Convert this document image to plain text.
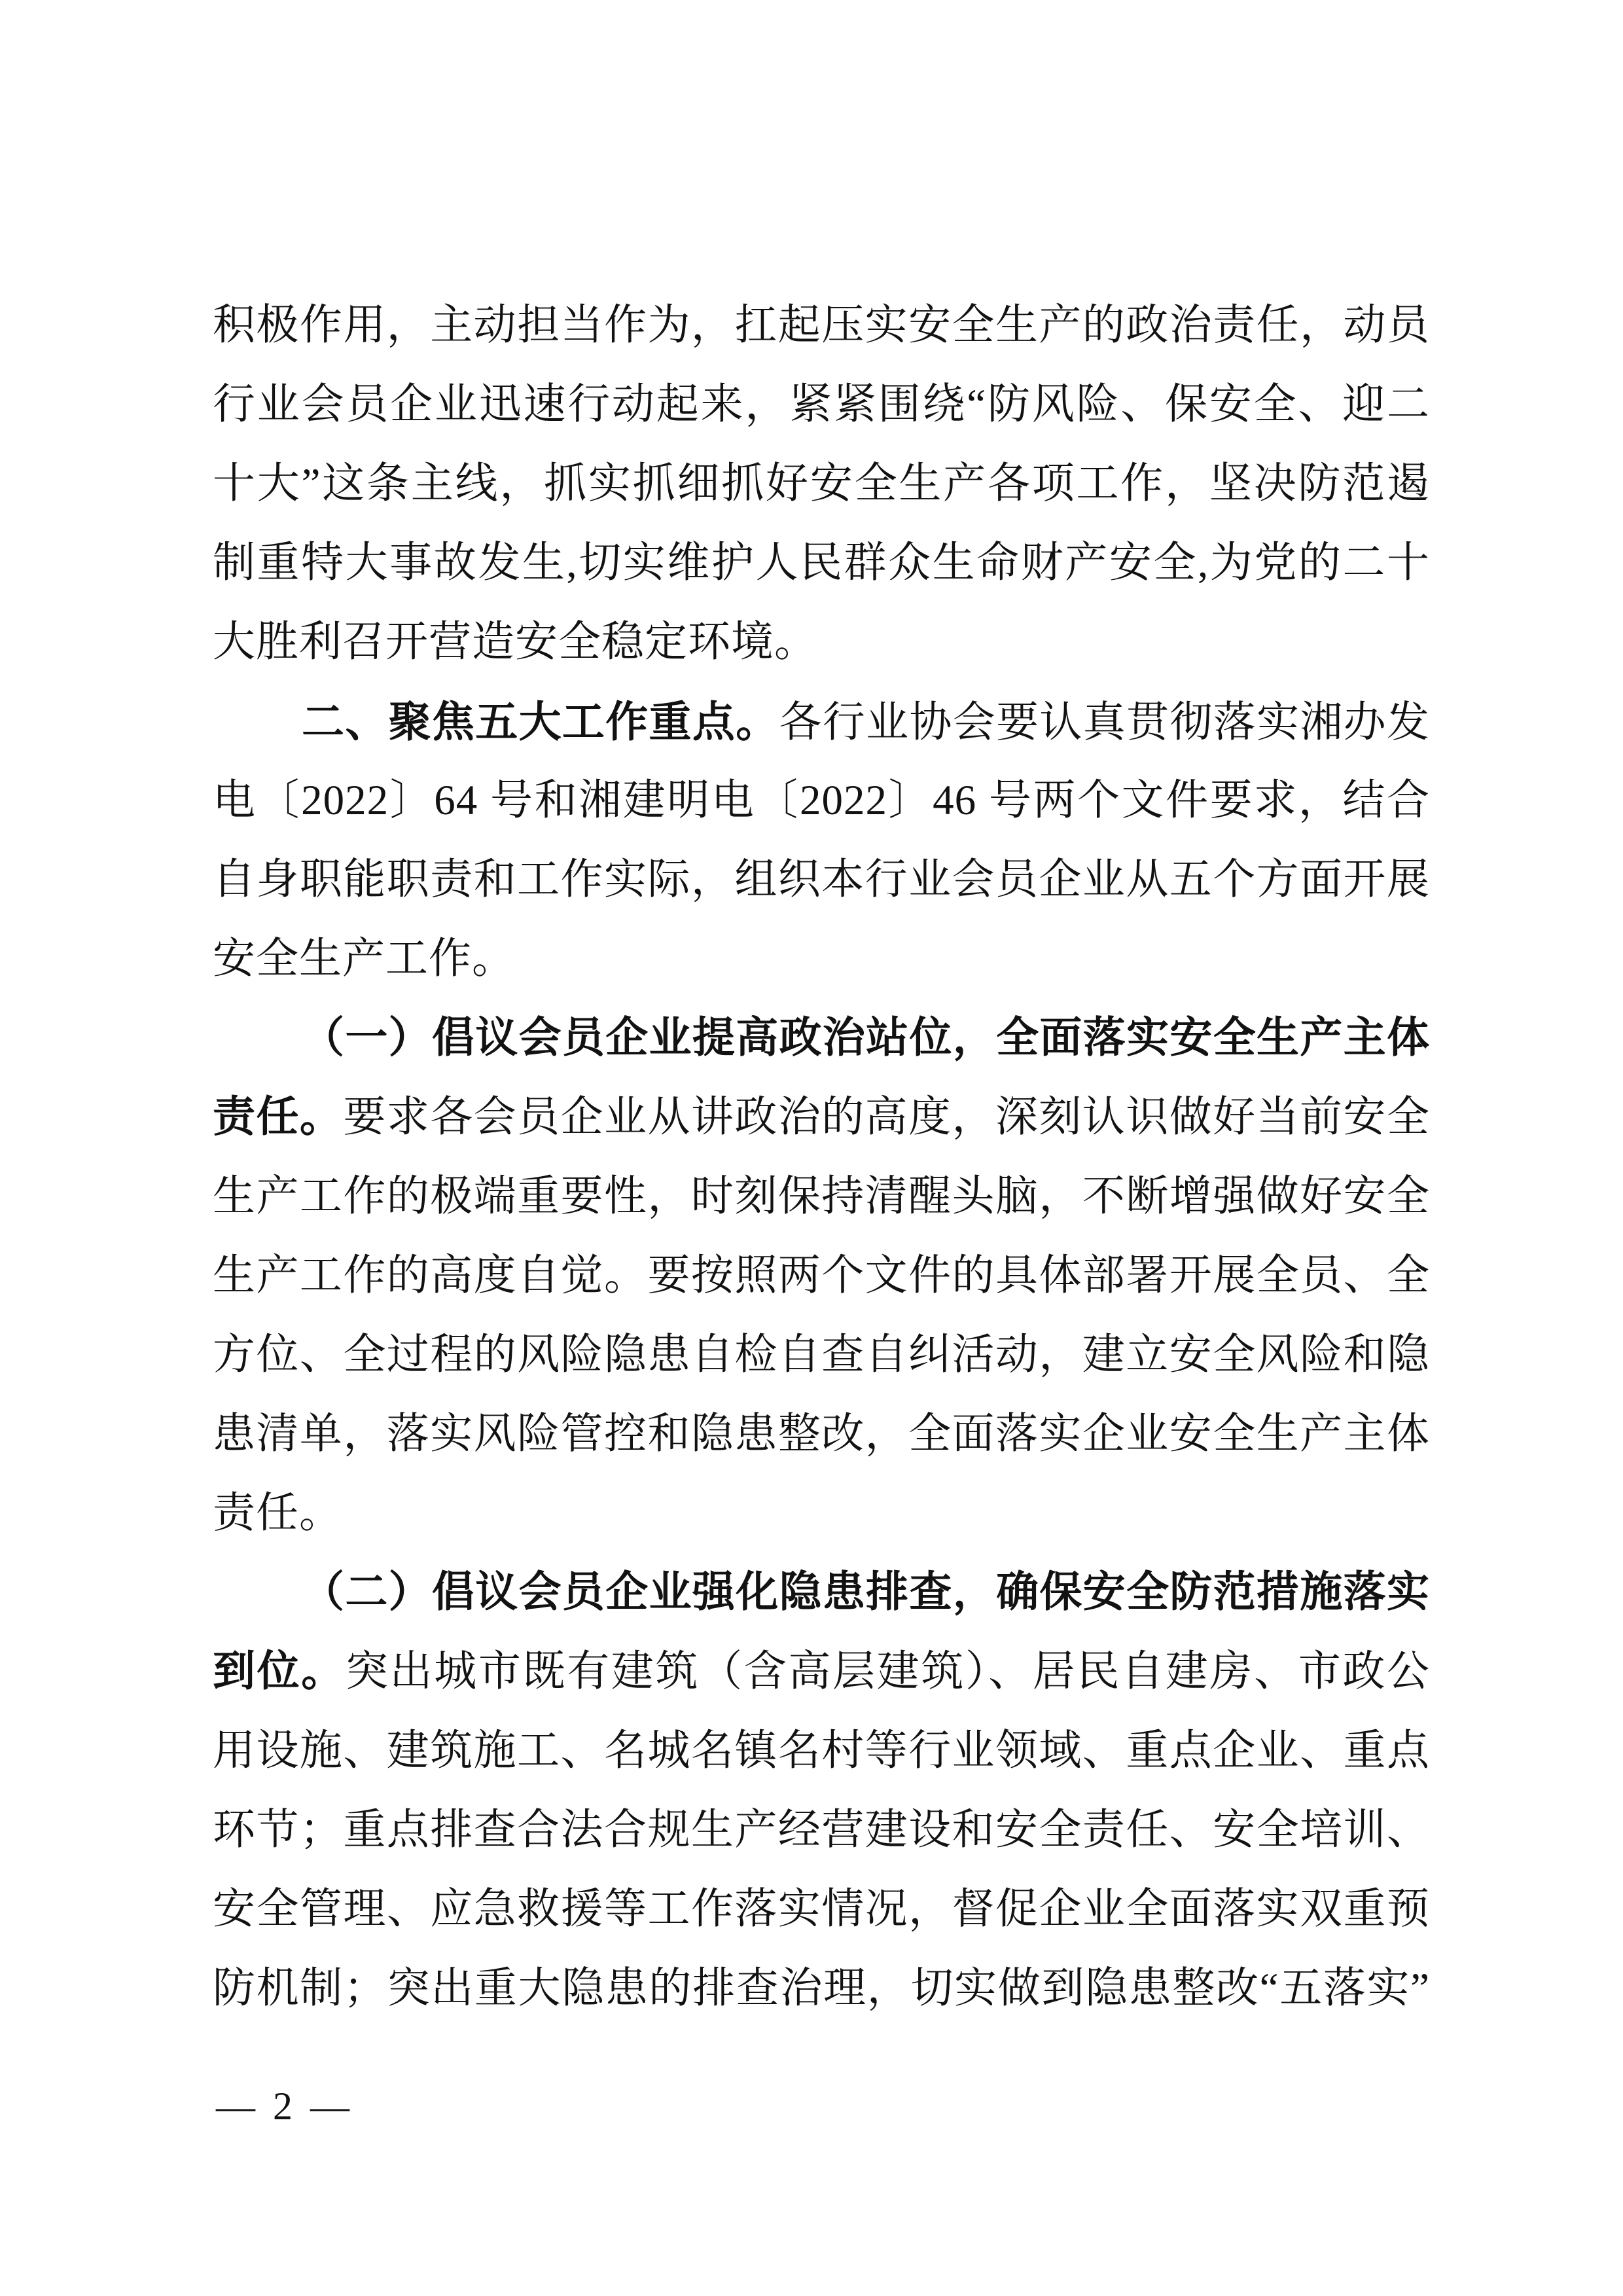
积极作用，主动担当作为，扛起压实安全生产的政治责任，动员
行业会员企业迅速行动起来，紧紧围绕“防风险、保安全、迎二
十大”这条主线，抓实抓细抓好安全生产各项工作，坚决防范遏
制重特大事故发生,切实维护人民群众生命财产安全,为党的二十
大胜利召开营造安全稳定环境。
二、聚焦五大工作重点。各行业协会要认真贯彻落实湘办发
电〔2022〕64 号和湘建明电〔2022〕46 号两个文件要求，结合
自身职能职责和工作实际，组织本行业会员企业从五个方面开展
安全生产工作。
（一）倡议会员企业提高政治站位，全面落实安全生产主体
责任。要求各会员企业从讲政治的高度，深刻认识做好当前安全
生产工作的极端重要性，时刻保持清醒头脑，不断增强做好安全
生产工作的高度自觉。要按照两个文件的具体部署开展全员、全
方位、全过程的风险隐患自检自查自纠活动，建立安全风险和隐
患清单，落实风险管控和隐患整改，全面落实企业安全生产主体
责任。
（二）倡议会员企业强化隐患排查，确保安全防范措施落实
到位。突出城市既有建筑（含高层建筑）、居民自建房、市政公
用设施、建筑施工、名城名镇名村等行业领域、重点企业、重点
环节；重点排查合法合规生产经营建设和安全责任、安全培训、
安全管理、应急救援等工作落实情况，督促企业全面落实双重预
防机制；突出重大隐患的排查治理，切实做到隐患整改“五落实”
— 2 —
